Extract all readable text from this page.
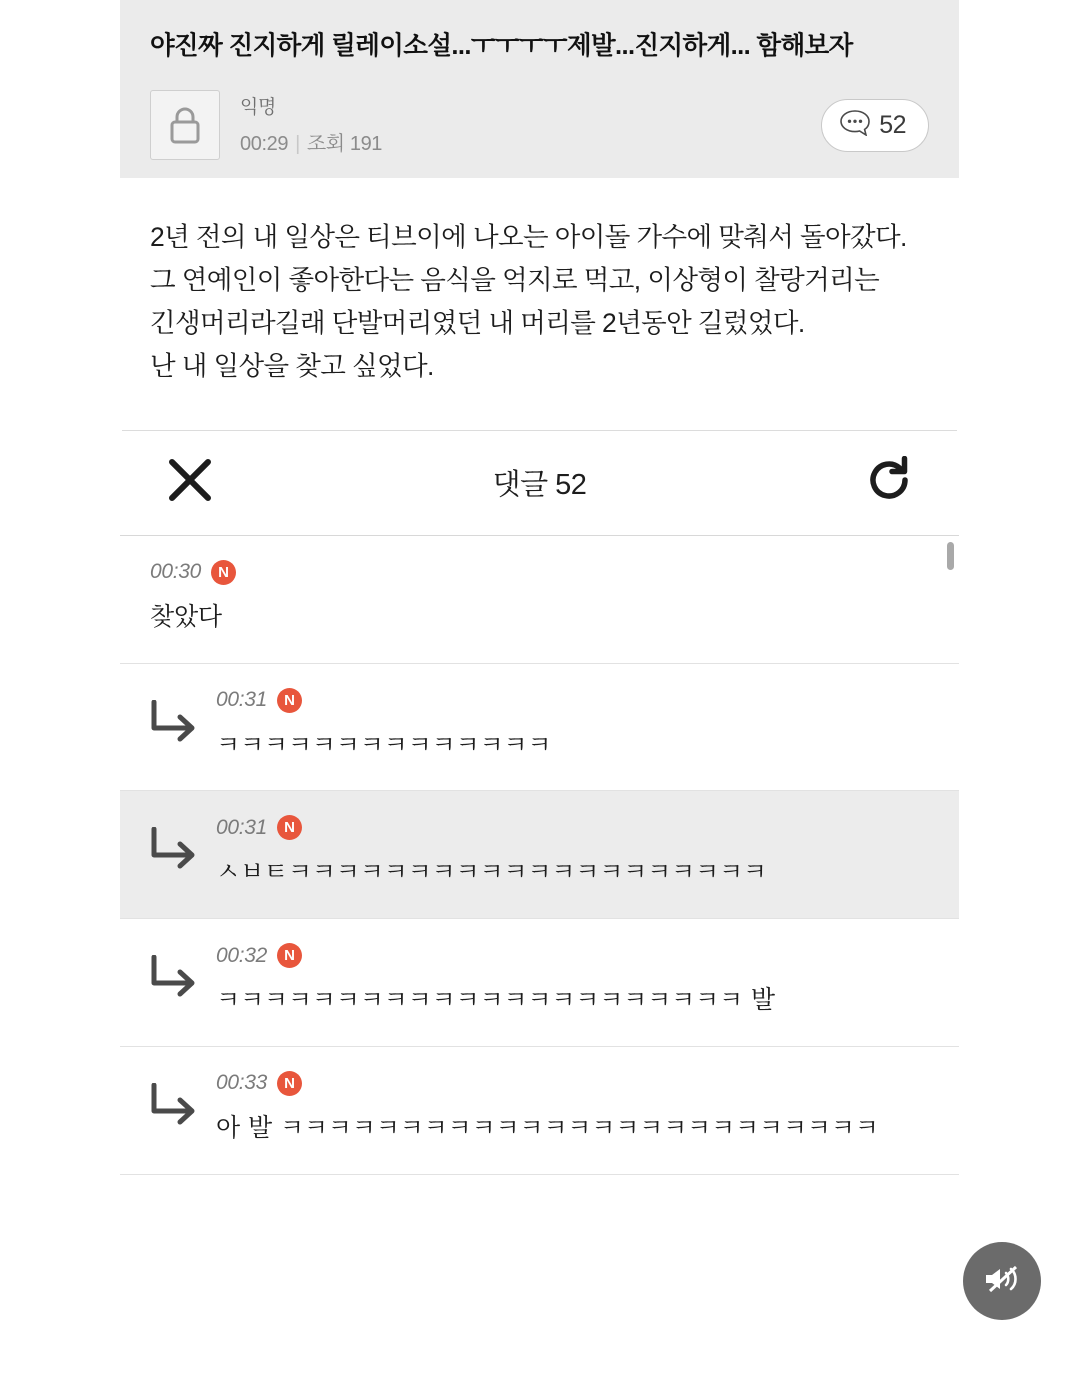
야진짜 진지하게 릴레이소설...ㅜㅜㅜㅜ제발...진지하게... 함해보자
익명
00:29 | 조회 191
52

2년 전의 내 일상은 티브이에 나오는 아이돌 가수에 맞춰서 돌아갔다.

그 연예인이 좋아한다는 음식을 억지로 먹고, 이상형이 찰랑거리는 긴생머리라길래 단발머리였던 내 머리를 2년동안 길렀었다.

난 내 일상을 찾고 싶었다.

댓글 52
00:30	N
찾았다
00:31	N
ㅋㅋㅋㅋㅋㅋㅋㅋㅋㅋㅋㅋㅋㅋ
00:31	N
ㅅㅂㅌㅋㅋㅋㅋㅋㅋㅋㅋㅋㅋㅋㅋㅋㅋㅋㅋㅋㅋㅋㅋ
00:32	N
ㅋㅋㅋㅋㅋㅋㅋㅋㅋㅋㅋㅋㅋㅋㅋㅋㅋㅋㅋㅋㅋㅋ 발
00:33	N
아 발 ㅋㅋㅋㅋㅋㅋㅋㅋㅋㅋㅋㅋㅋㅋㅋㅋㅋㅋㅋㅋㅋㅋㅋㅋㅋ
